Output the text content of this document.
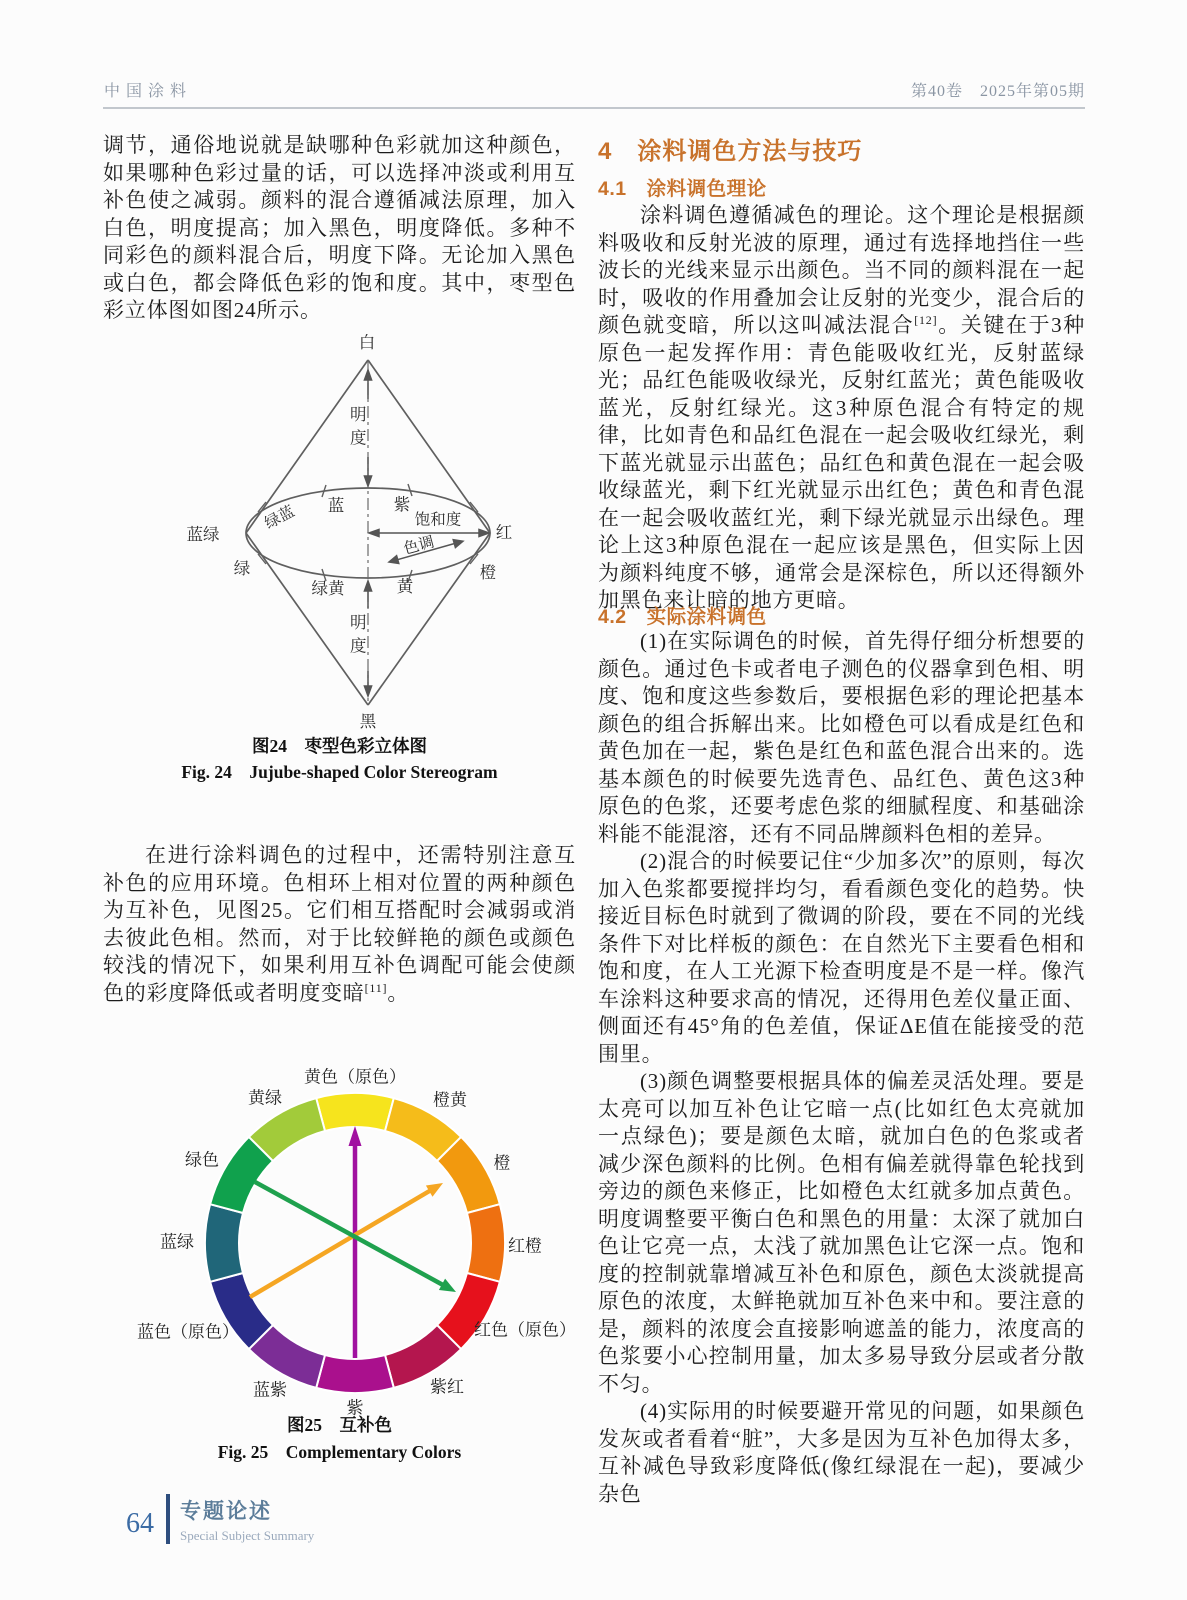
中国涂料	第40卷　2025年第05期

调节，通俗地说就是缺哪种色彩就加这种颜色，如果哪种色彩过量的话，可以选择冲淡或利用互补色使之减弱。颜料的混合遵循减法原理，加入白色，明度提高；加入黑色，明度降低。多种不同彩色的颜料混合后，明度下降。无论加入黑色或白色，都会降低色彩的饱和度。其中，枣型色彩立体图如图24所示。

白
黑
明度
明度
蓝	紫
绿蓝
蓝绿	红
绿	橙
绿黄	黄
饱和度
色调

图24　枣型色彩立体图

Fig. 24　Jujube-shaped Color Stereogram

在进行涂料调色的过程中，还需特别注意互补色的应用环境。色相环上相对位置的两种颜色为互补色，见图25。它们相互搭配时会减弱或消去彼此色相。然而，对于比较鲜艳的颜色或颜色较浅的情况下，如果利用互补色调配可能会使颜色的彩度降低或者明度变暗[11]。

黄色（原色）
橙黄
橙
红橙
红色（原色）
紫红
紫
蓝紫
蓝色（原色）
蓝绿
绿色
黄绿

图25　互补色

Fig. 25　Complementary Colors

4　涂料调色方法与技巧
4.1　涂料调色理论

涂料调色遵循减色的理论。这个理论是根据颜料吸收和反射光波的原理，通过有选择地挡住一些波长的光线来显示出颜色。当不同的颜料混在一起时，吸收的作用叠加会让反射的光变少，混合后的颜色就变暗，所以这叫减法混合[12]。关键在于3种原色一起发挥作用：青色能吸收红光，反射蓝绿光；品红色能吸收绿光，反射红蓝光；黄色能吸收蓝光，反射红绿光。这3种原色混合有特定的规律，比如青色和品红色混在一起会吸收红绿光，剩下蓝光就显示出蓝色；品红色和黄色混在一起会吸收绿蓝光，剩下红光就显示出红色；黄色和青色混在一起会吸收蓝红光，剩下绿光就显示出绿色。理论上这3种原色混在一起应该是黑色，但实际上因为颜料纯度不够，通常会是深棕色，所以还得额外加黑色来让暗的地方更暗。

4.2　实际涂料调色

(1)在实际调色的时候，首先得仔细分析想要的颜色。通过色卡或者电子测色的仪器拿到色相、明度、饱和度这些参数后，要根据色彩的理论把基本颜色的组合拆解出来。比如橙色可以看成是红色和黄色加在一起，紫色是红色和蓝色混合出来的。选基本颜色的时候要先选青色、品红色、黄色这3种原色的色浆，还要考虑色浆的细腻程度、和基础涂料能不能混溶，还有不同品牌颜料色相的差异。

(2)混合的时候要记住“少加多次”的原则，每次加入色浆都要搅拌均匀，看看颜色变化的趋势。快接近目标色时就到了微调的阶段，要在不同的光线条件下对比样板的颜色：在自然光下主要看色相和饱和度，在人工光源下检查明度是不是一样。像汽车涂料这种要求高的情况，还得用色差仪量正面、侧面还有45°角的色差值，保证ΔE值在能接受的范围里。

(3)颜色调整要根据具体的偏差灵活处理。要是太亮可以加互补色让它暗一点(比如红色太亮就加一点绿色)；要是颜色太暗，就加白色的色浆或者减少深色颜料的比例。色相有偏差就得靠色轮找到旁边的颜色来修正，比如橙色太红就多加点黄色。明度调整要平衡白色和黑色的用量：太深了就加白色让它亮一点，太浅了就加黑色让它深一点。饱和度的控制就靠增减互补色和原色，颜色太淡就提高原色的浓度，太鲜艳就加互补色来中和。要注意的是，颜料的浓度会直接影响遮盖的能力，浓度高的色浆要小心控制用量，加太多易导致分层或者分散不匀。

(4)实际用的时候要避开常见的问题，如果颜色发灰或者看着“脏”，大多是因为互补色加得太多，互补减色导致彩度降低(像红绿混在一起)，要减少杂色

64 专题论述
Special Subject Summary
